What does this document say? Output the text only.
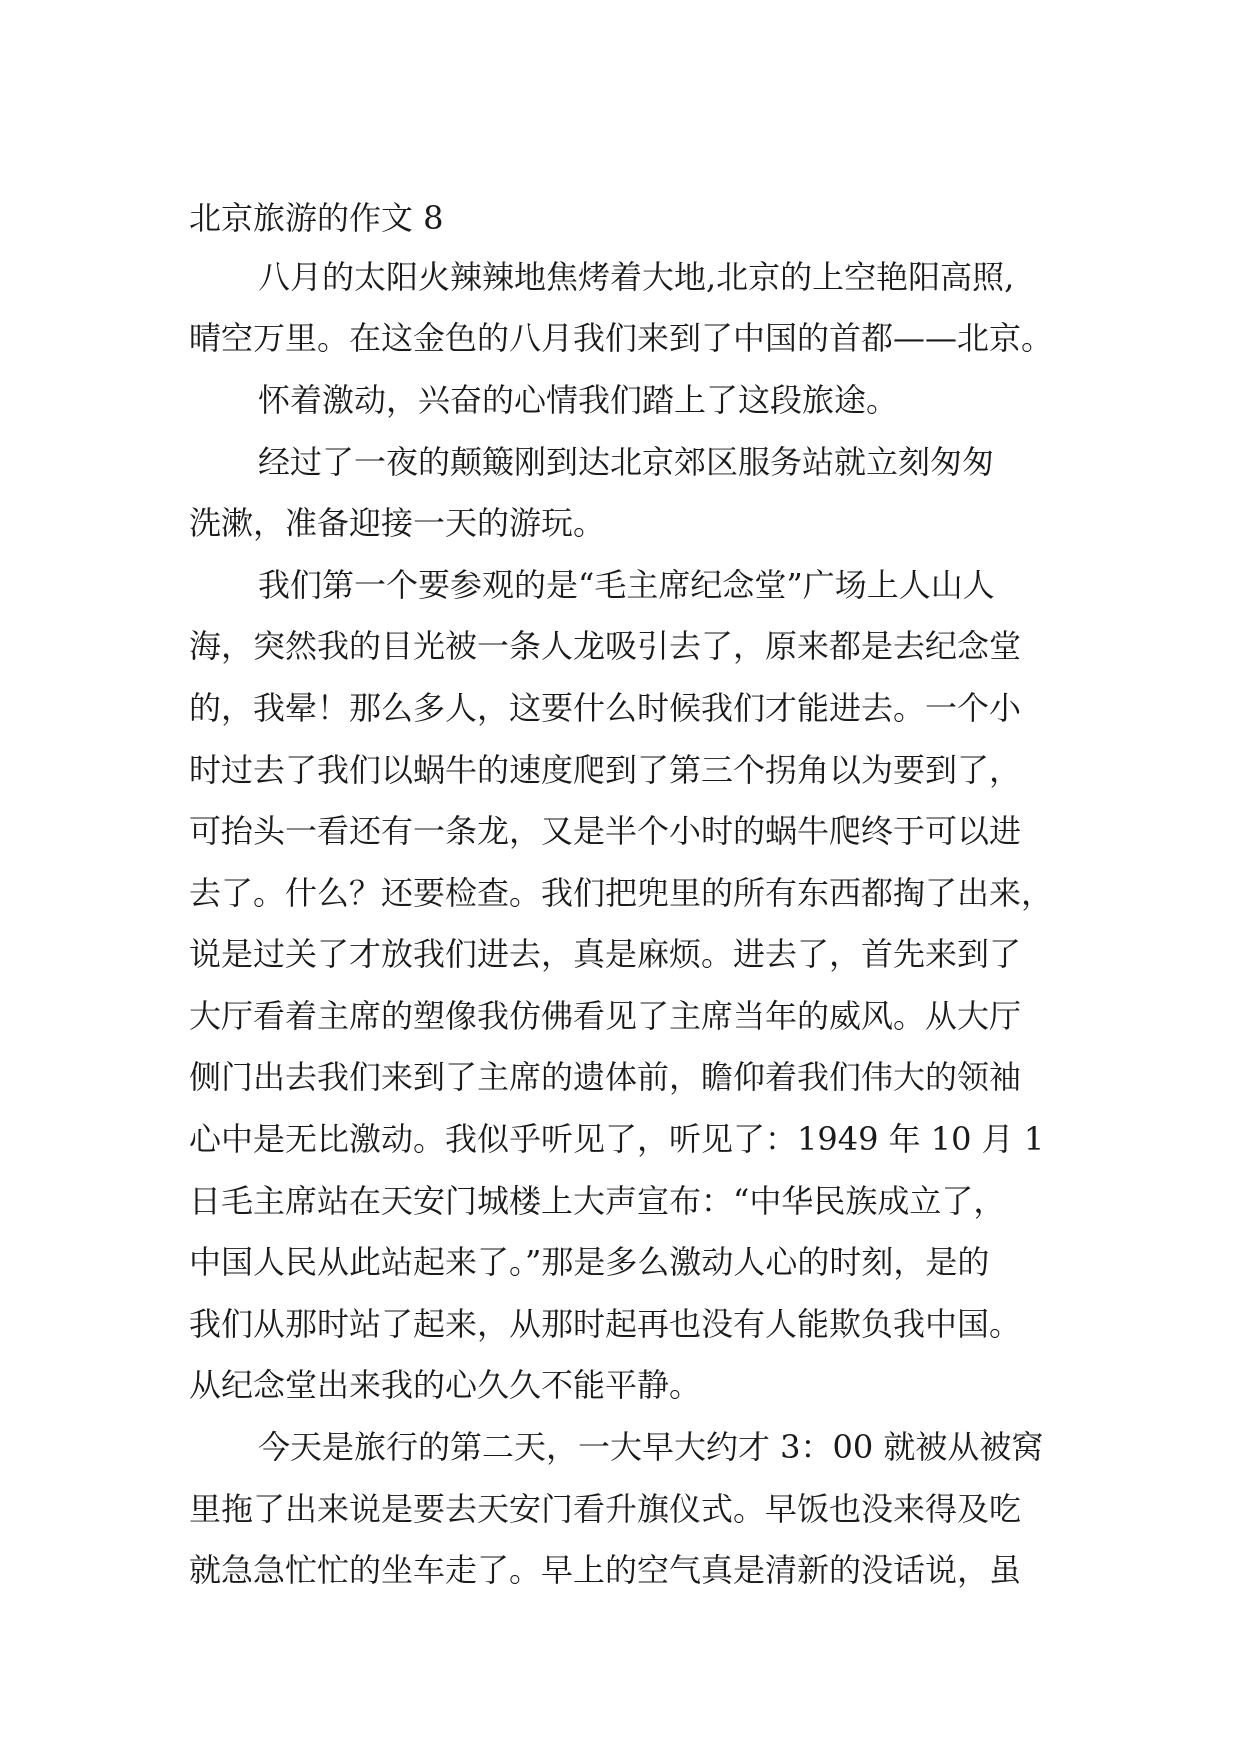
北京旅游的作文 8
八月的太阳火辣辣地焦烤着大地,北京的上空艳阳高照,
晴空万里。在这金色的八月我们来到了中国的首都——北京。
怀着激动，兴奋的心情我们踏上了这段旅途。
经过了一夜的颠簸刚到达北京郊区服务站就立刻匆匆
洗漱，准备迎接一天的游玩。
我们第一个要参观的是“毛主席纪念堂”广场上人山人
海，突然我的目光被一条人龙吸引去了，原来都是去纪念堂
的，我晕！那么多人，这要什么时候我们才能进去。一个小
时过去了我们以蜗牛的速度爬到了第三个拐角以为要到了，
可抬头一看还有一条龙，又是半个小时的蜗牛爬终于可以进
去了。什么？还要检查。我们把兜里的所有东西都掏了出来，
说是过关了才放我们进去，真是麻烦。进去了，首先来到了
大厅看着主席的塑像我仿佛看见了主席当年的威风。从大厅
侧门出去我们来到了主席的遗体前，瞻仰着我们伟大的领袖
心中是无比激动。我似乎听见了，听见了：1949 年 10 月 1
日毛主席站在天安门城楼上大声宣布：“中华民族成立了，
中国人民从此站起来了。”那是多么激动人心的时刻，是的
我们从那时站了起来，从那时起再也没有人能欺负我中国。
从纪念堂出来我的心久久不能平静。
今天是旅行的第二天，一大早大约才 3：00 就被从被窝
里拖了出来说是要去天安门看升旗仪式。早饭也没来得及吃
就急急忙忙的坐车走了。早上的空气真是清新的没话说，虽
